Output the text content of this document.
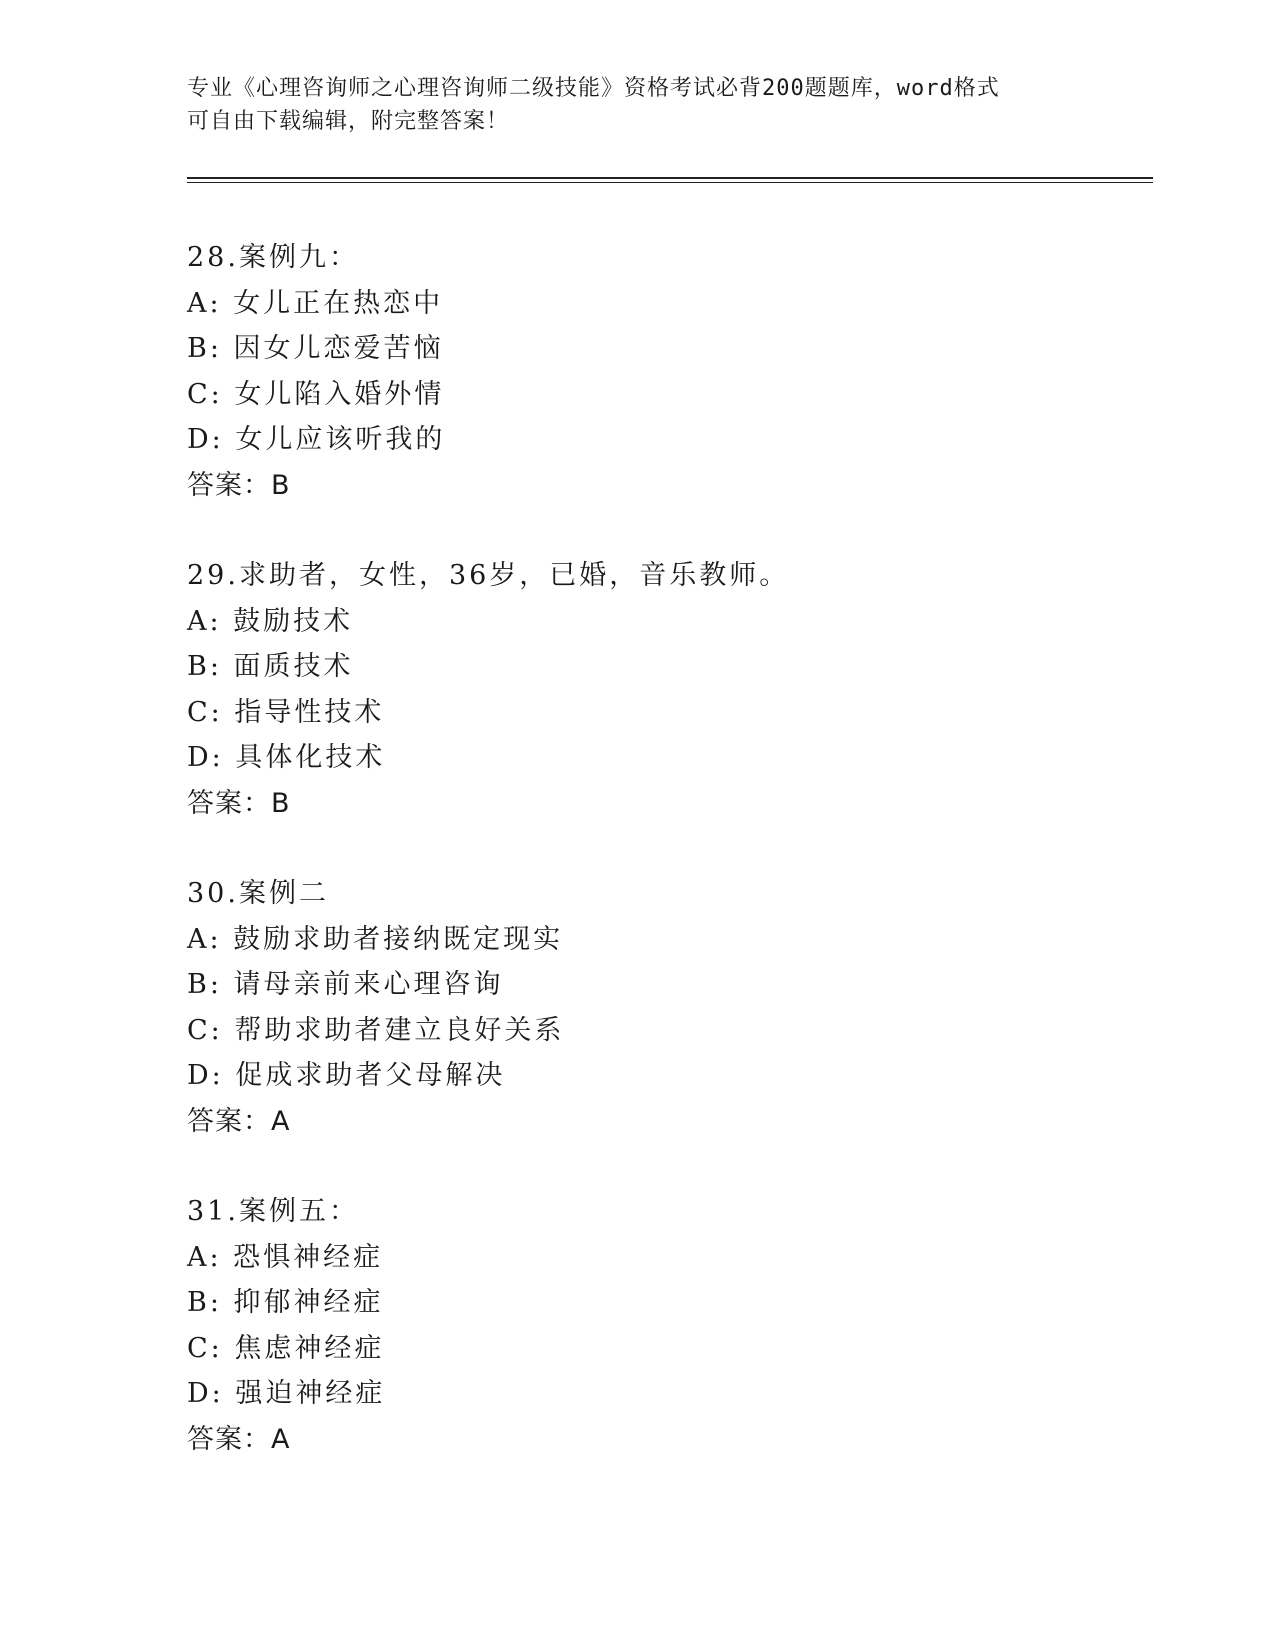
专业《心理咨询师之心理咨询师二级技能》资格考试必背200题题库，word格式
可自由下载编辑，附完整答案！
28.案例九：
A: 女儿正在热恋中
B: 因女儿恋爱苦恼
C: 女儿陷入婚外情
D: 女儿应该听我的
答案：B
29.求助者，女性，36岁，已婚，音乐教师。
A: 鼓励技术
B: 面质技术
C: 指导性技术
D: 具体化技术
答案：B
30.案例二
A: 鼓励求助者接纳既定现实
B: 请母亲前来心理咨询
C: 帮助求助者建立良好关系
D: 促成求助者父母解决
答案：A
31.案例五：
A: 恐惧神经症
B: 抑郁神经症
C: 焦虑神经症
D: 强迫神经症
答案：A
